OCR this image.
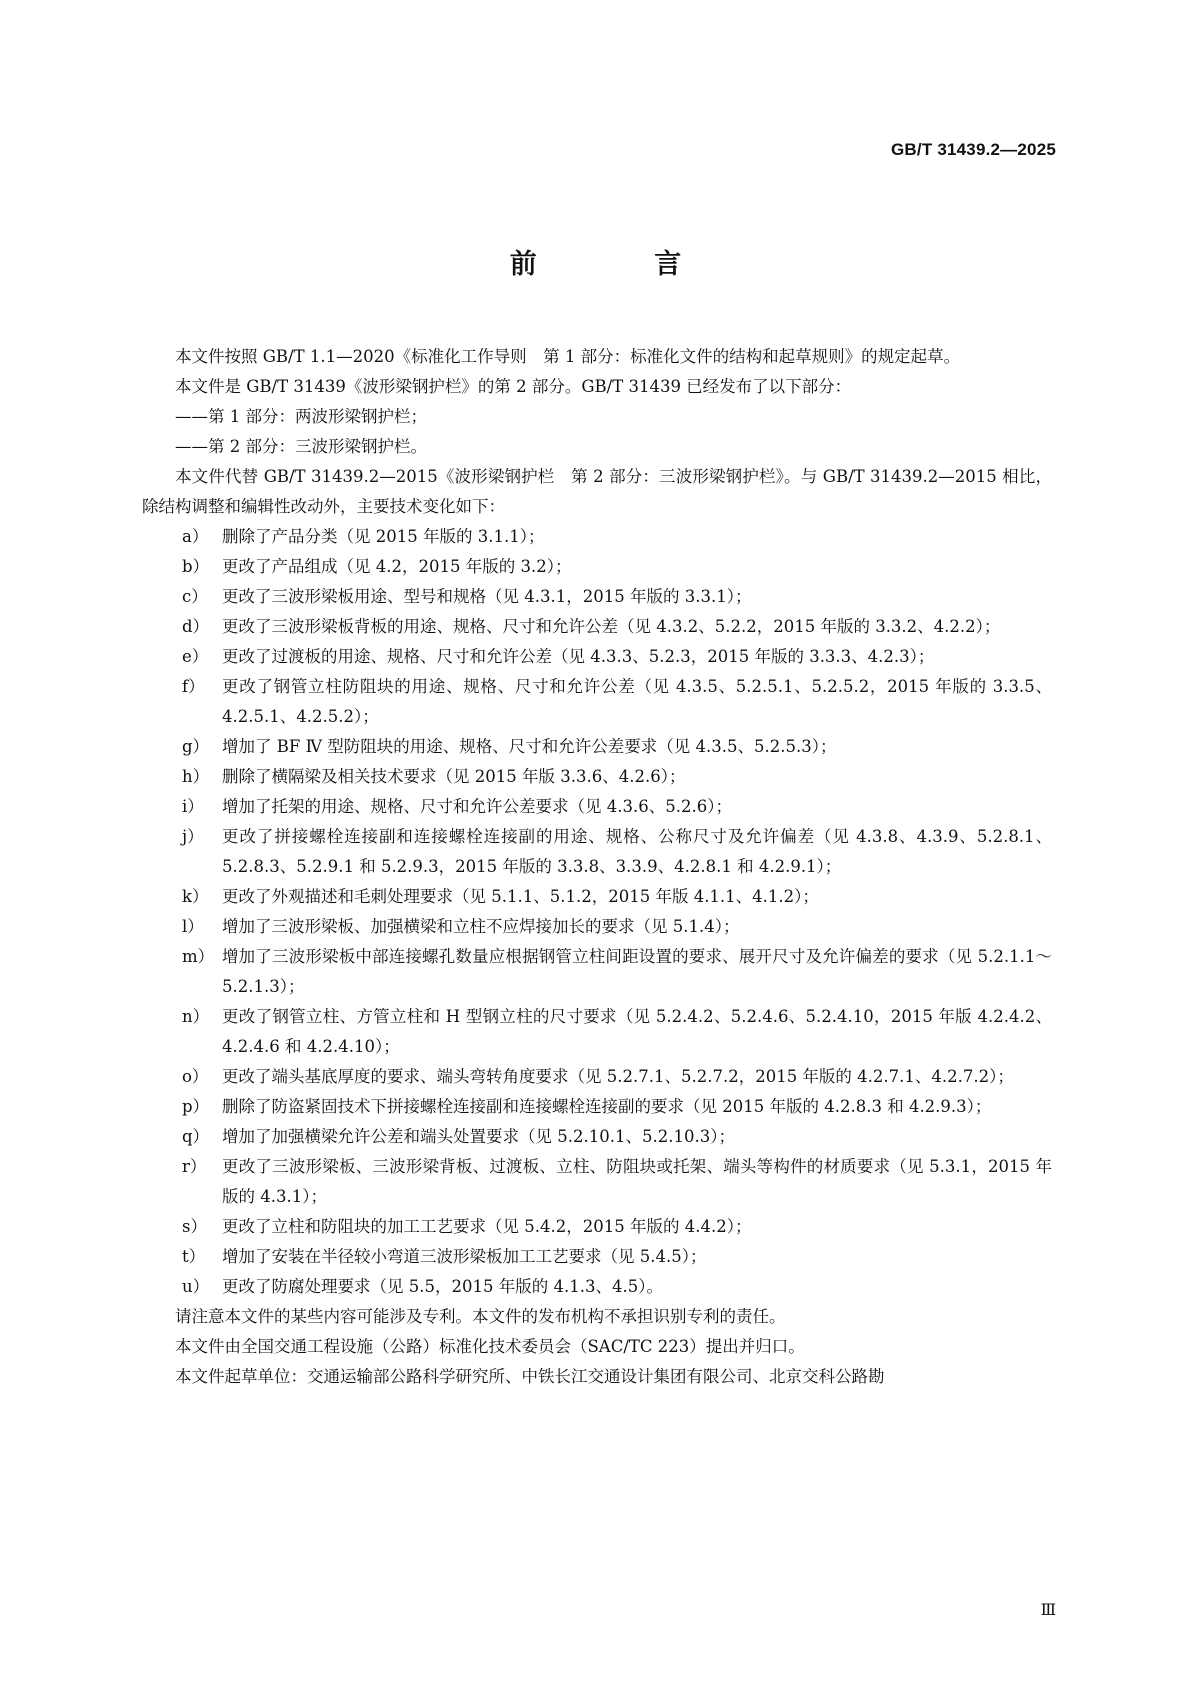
GB/T 31439.2—2025
前 言

本文件按照 GB/T 1.1—2020《标准化工作导则　第 1 部分：标准化文件的结构和起草规则》的规定起草。

本文件是 GB/T 31439《波形梁钢护栏》的第 2 部分。GB/T 31439 已经发布了以下部分：

——第 1 部分：两波形梁钢护栏；

——第 2 部分：三波形梁钢护栏。

本文件代替 GB/T 31439.2—2015《波形梁钢护栏　第 2 部分：三波形梁钢护栏》。与 GB/T 31439.2—2015 相比，除结构调整和编辑性改动外，主要技术变化如下：

a） 删除了产品分类（见 2015 年版的 3.1.1）；
b） 更改了产品组成（见 4.2，2015 年版的 3.2）；
c） 更改了三波形梁板用途、型号和规格（见 4.3.1，2015 年版的 3.3.1）；
d） 更改了三波形梁板背板的用途、规格、尺寸和允许公差（见 4.3.2、5.2.2，2015 年版的 3.3.2、4.2.2）；
e） 更改了过渡板的用途、规格、尺寸和允许公差（见 4.3.3、5.2.3，2015 年版的 3.3.3、4.2.3）；
f）	更改了钢管立柱防阻块的用途、规格、尺寸和允许公差（见 4.3.5、5.2.5.1、5.2.5.2，2015 年版的 3.3.5、4.2.5.1、4.2.5.2）；
g） 增加了 BF Ⅳ 型防阻块的用途、规格、尺寸和允许公差要求（见 4.3.5、5.2.5.3）；
h） 删除了横隔梁及相关技术要求（见 2015 年版 3.3.6、4.2.6）；
i）	增加了托架的用途、规格、尺寸和允许公差要求（见 4.3.6、5.2.6）；
j）	更改了拼接螺栓连接副和连接螺栓连接副的用途、规格、公称尺寸及允许偏差（见 4.3.8、4.3.9、5.2.8.1、5.2.8.3、5.2.9.1 和 5.2.9.3，2015 年版的 3.3.8、3.3.9、4.2.8.1 和 4.2.9.1）；
k） 更改了外观描述和毛刺处理要求（见 5.1.1、5.1.2，2015 年版 4.1.1、4.1.2）；
l）	增加了三波形梁板、加强横梁和立柱不应焊接加长的要求（见 5.1.4）；
m） 增加了三波形梁板中部连接螺孔数量应根据钢管立柱间距设置的要求、展开尺寸及允许偏差的要求（见 5.2.1.1～5.2.1.3）；
n） 更改了钢管立柱、方管立柱和 H 型钢立柱的尺寸要求（见 5.2.4.2、5.2.4.6、5.2.4.10，2015 年版 4.2.4.2、4.2.4.6 和 4.2.4.10）；
o） 更改了端头基底厚度的要求、端头弯转角度要求（见 5.2.7.1、5.2.7.2，2015 年版的 4.2.7.1、4.2.7.2）；
p） 删除了防盗紧固技术下拼接螺栓连接副和连接螺栓连接副的要求（见 2015 年版的 4.2.8.3 和 4.2.9.3）；
q） 增加了加强横梁允许公差和端头处置要求（见 5.2.10.1、5.2.10.3）；
r） 更改了三波形梁板、三波形梁背板、过渡板、立柱、防阻块或托架、端头等构件的材质要求（见 5.3.1，2015 年版的 4.3.1）；
s） 更改了立柱和防阻块的加工工艺要求（见 5.4.2，2015 年版的 4.4.2）；
t）	增加了安装在半径较小弯道三波形梁板加工工艺要求（见 5.4.5）；
u） 更改了防腐处理要求（见 5.5，2015 年版的 4.1.3、4.5）。

请注意本文件的某些内容可能涉及专利。本文件的发布机构不承担识别专利的责任。

本文件由全国交通工程设施（公路）标准化技术委员会（SAC/TC 223）提出并归口。

本文件起草单位：交通运输部公路科学研究所、中铁长江交通设计集团有限公司、北京交科公路勘

Ⅲ
